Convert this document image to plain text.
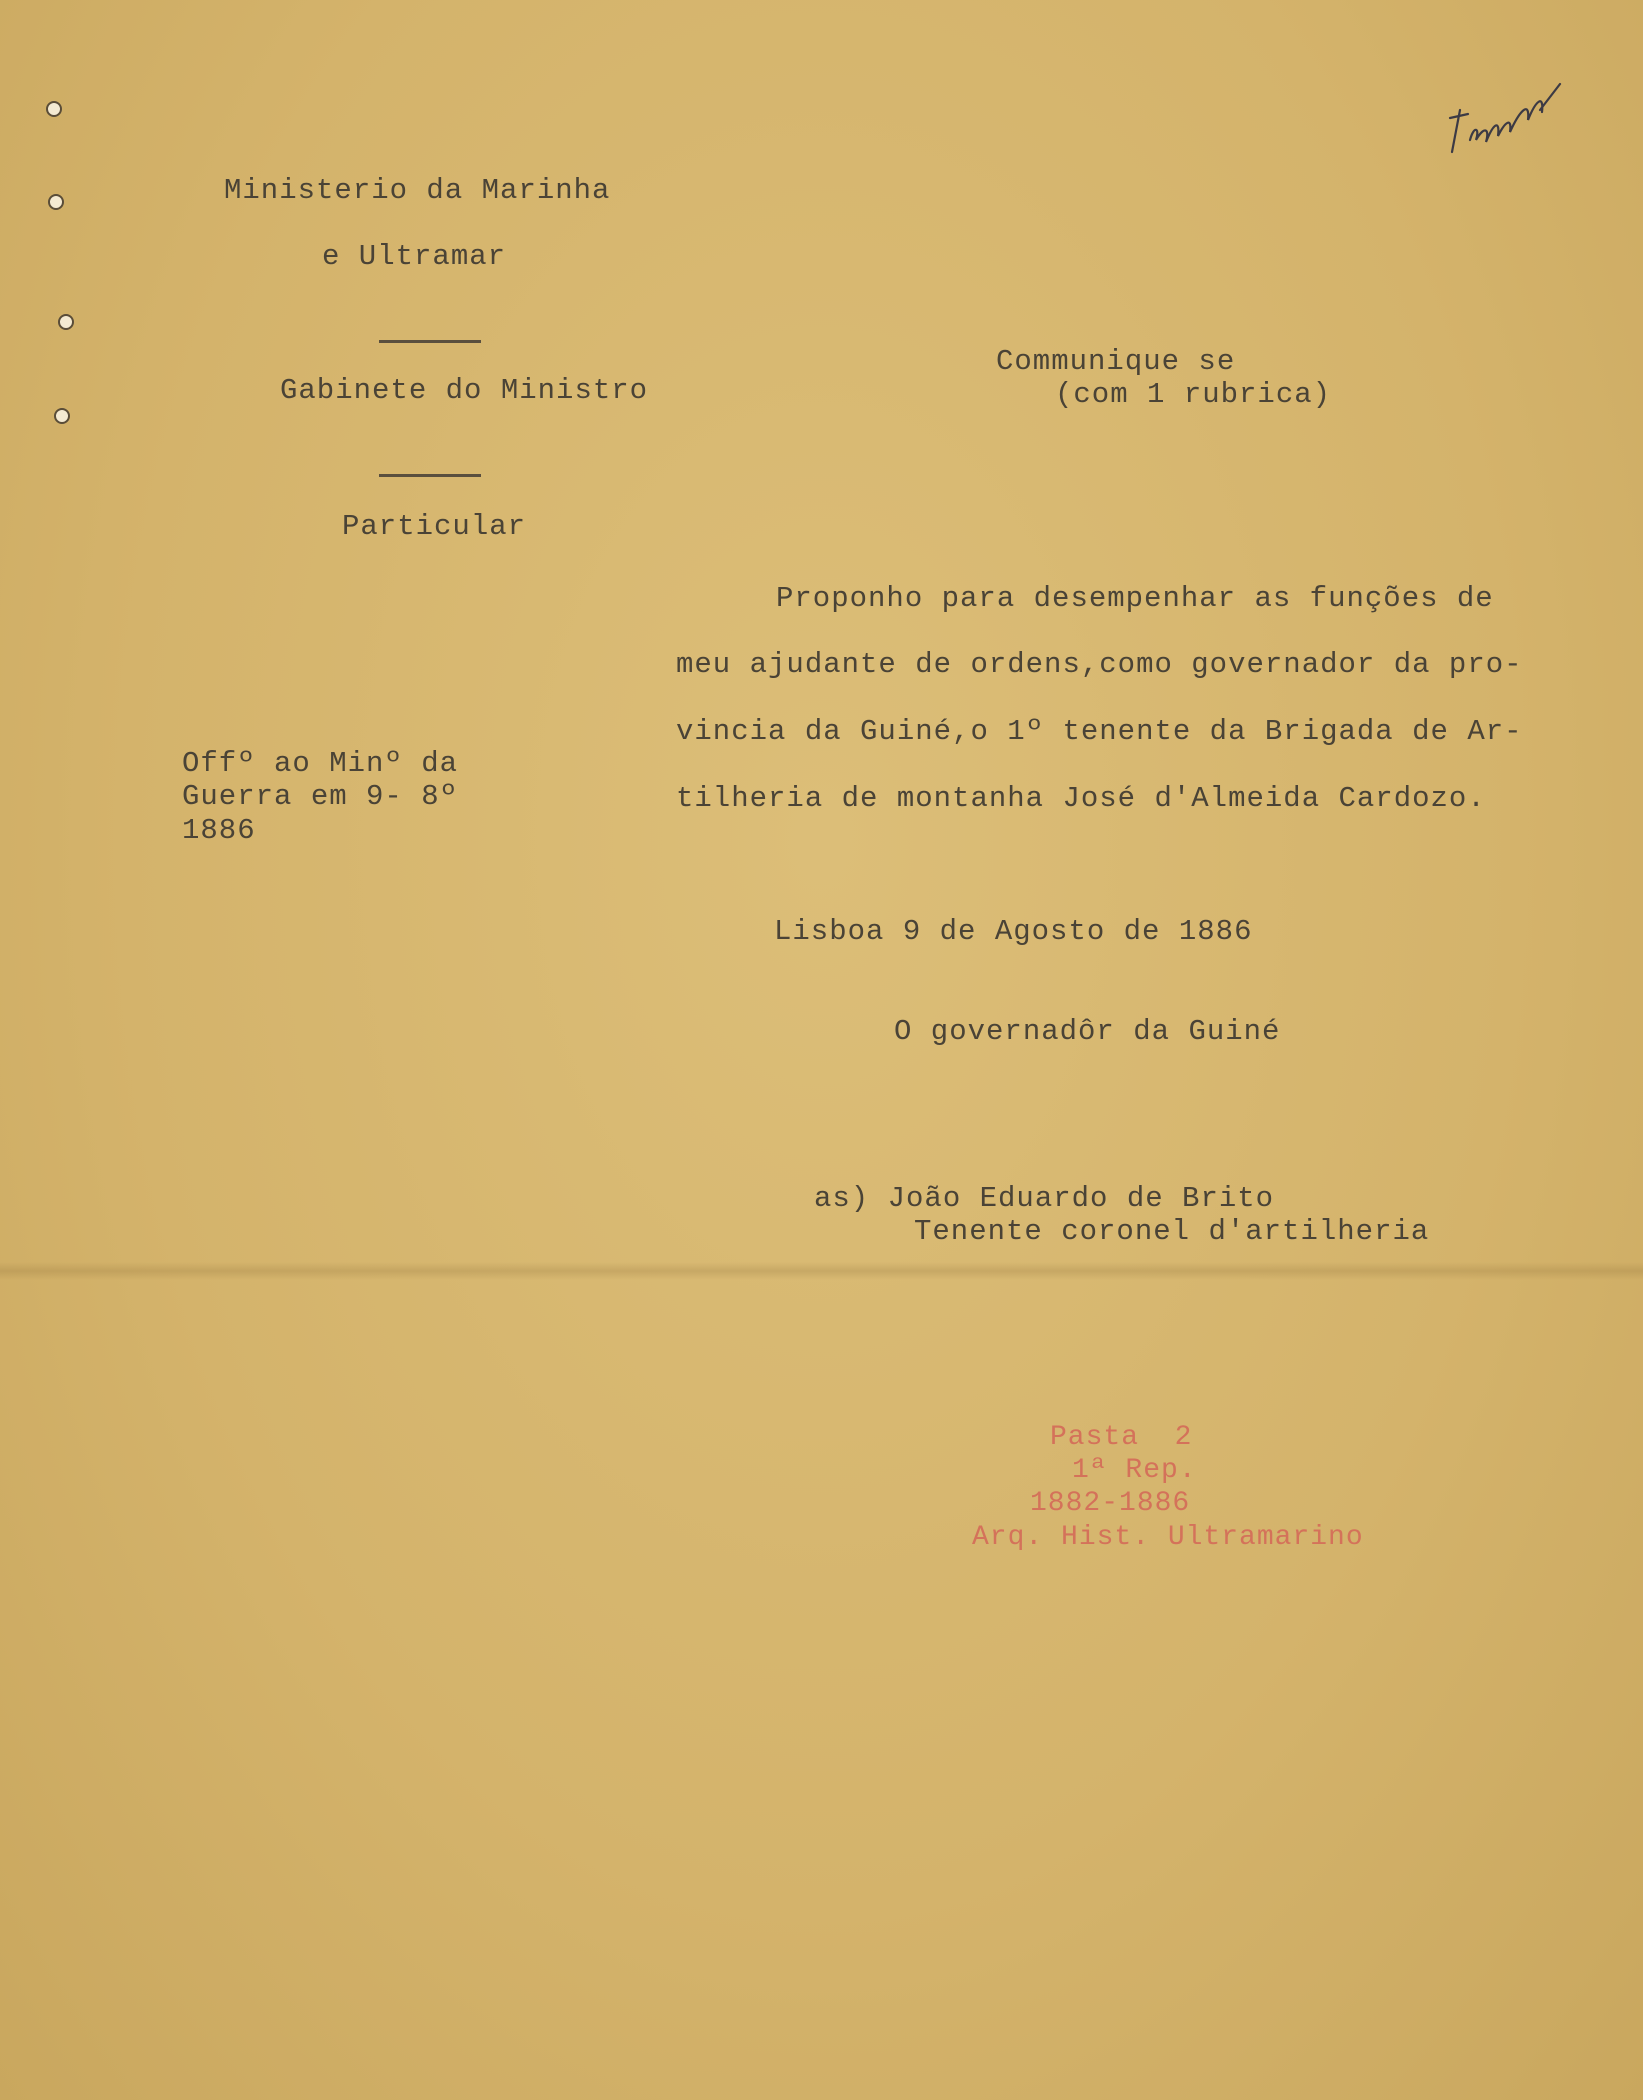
Ministerio da Marinha
e Ultramar
Gabinete do Ministro
Particular
Communique se
(com 1 rubrica)
Offº ao Minº da
Guerra em 9- 8º
1886
Proponho para desempenhar as funções de
meu ajudante de ordens,como governador da pro-
vincia da Guiné,o 1º tenente da Brigada de Ar-
tilheria de montanha José d'Almeida Cardozo.
Lisboa 9 de Agosto de 1886
O governadôr da Guiné
as) João Eduardo de Brito
Tenente coronel d'artilheria
Pasta  2
1ª Rep.
1882-1886
Arq. Hist. Ultramarino
